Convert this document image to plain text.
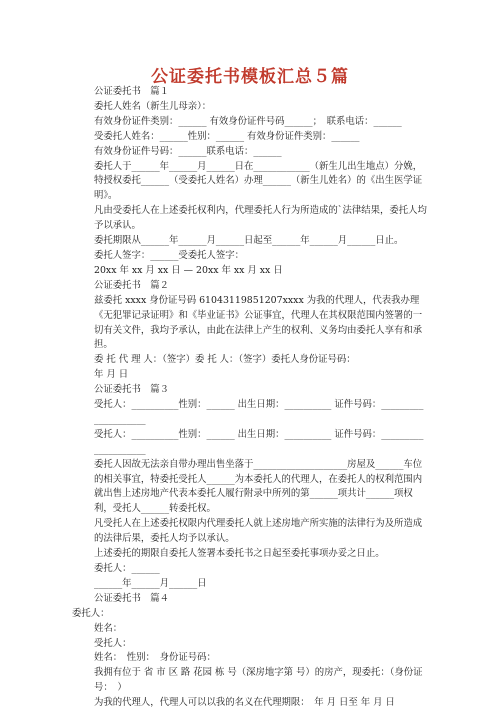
公证委托书模板汇总５篇

公证委托书　篇１

委托人姓名（新生儿母亲）：

有效身份证件类别：______ 有效身份证件号码______；　联系电话：______

受委托人姓名：______性别：______ 有效身份证件类别：______

有效身份证件号码：______联系电话：______

委托人于______年______月______日在____________（新生儿出生地点）分娩，特授权委托______（受委托人姓名）办理______（新生儿姓名）的《出生医学证明》。

凡由受委托人在上述委托权利内，代理委托人行为所造成的`法律结果，委托人均予以承认。

委托期限从______年______月______日起至______年______月______日止。

委托人签字：______受委托人签字：

20xx 年 xx 月 xx 日 — 20xx 年 xx 月 xx 日

公证委托书　篇２

兹委托 xxxx 身份证号码 61043119851207xxxx 为我的代理人，代表我办理《无犯罪记录证明》和《毕业证书》公证事宜，代理人在其权限范围内签署的一切有关文件，我均予承认，由此在法律上产生的权利、义务均由委托人享有和承担。

委 托 代 理 人：（签字）委 托 人：（签字）委托人身份证号码：

年 月 日

公证委托书　篇３

受托人：__________性别：______ 出生日期：__________ 证件号码：____________________

受托人：__________性别：______ 出生日期：__________ 证件号码：____________________

委托人因故无法亲自带办理出售坐落于____________________房屋及______车位的相关事宜，特委托受托人______为本委托人的代理人，在委托人的权利范围内就出售上述房地产代表本委托人履行附录中所列的第______项共计______项权利，受托人______转委托权。

凡受托人在上述委托权限内代理委托人就上述房地产所实施的法律行为及所造成的法律后果，委托人均予以承认。

上述委托的期限自委托人签署本委托书之日起至委托事项办妥之日止。

委托人：______

______年______月______日

公证委托书　篇４

委托人：

姓名：

受托人：

姓名：　性别：　身份证号码：

我拥有位于 省 市 区 路 花园 栋 号（深房地字第 号）的房产，现委托：（身份证号：　）

为我的代理人，代理人可以以我的名义在代理期限：　年 月 日至 年 月 日
